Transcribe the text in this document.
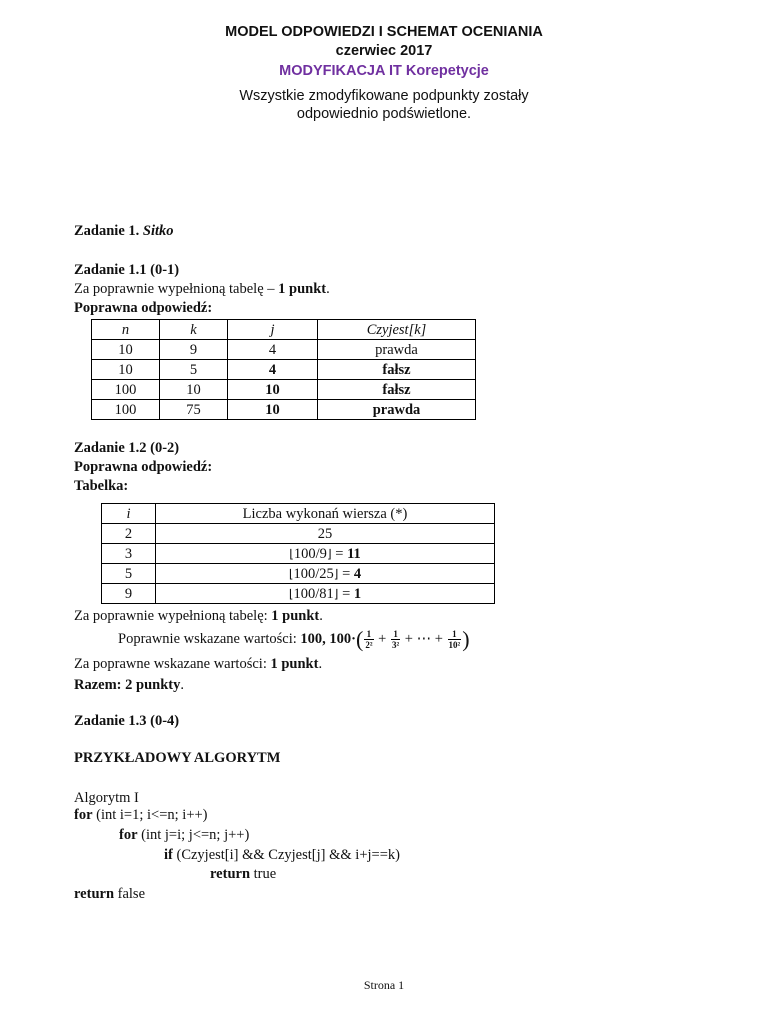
MODEL ODPOWIEDZI I SCHEMAT OCENIANIA
czerwiec 2017
MODYFIKACJA IT Korepetycje
Wszystkie zmodyfikowane podpunkty zostały
odpowiednio podświetlone.
Zadanie 1. Sitko
Zadanie 1.1 (0-1)
Za poprawnie wypełnioną tabelę – 1 punkt.
Poprawna odpowiedź:
n	k	j	Czyjest[k]
10	9	4	prawda
10	5	4	fałsz
100	10	10	fałsz
100	75	10	prawda
Zadanie 1.2 (0-2)
Poprawna odpowiedź:
Tabelka:
i	Liczba wykonań wiersza (*)
2	25
3	⌊100/9⌋ = 11
5	⌊100/25⌋ = 4
9	⌊100/81⌋ = 1
Za poprawnie wypełnioną tabelę: 1 punkt.
Poprawnie wskazane wartości: 100, $100\cdot( \frac{1}{\text{2²}} + \frac{1}{\text{3²}}$ + ⋯ + $\frac{1}{\text{10²}}$ )
Za poprawne wskazane wartości: 1 punkt.
Razem: 2 punkty.
Zadanie 1.3 (0-4)
PRZYKŁADOWY ALGORYTM
Algorytm I
for (int i=1; i<=n; i++)
for (int j=i; j<=n; j++)
if (Czyjest[i] && Czyjest[j] && i+j==k)
return true
return false
Strona 1
